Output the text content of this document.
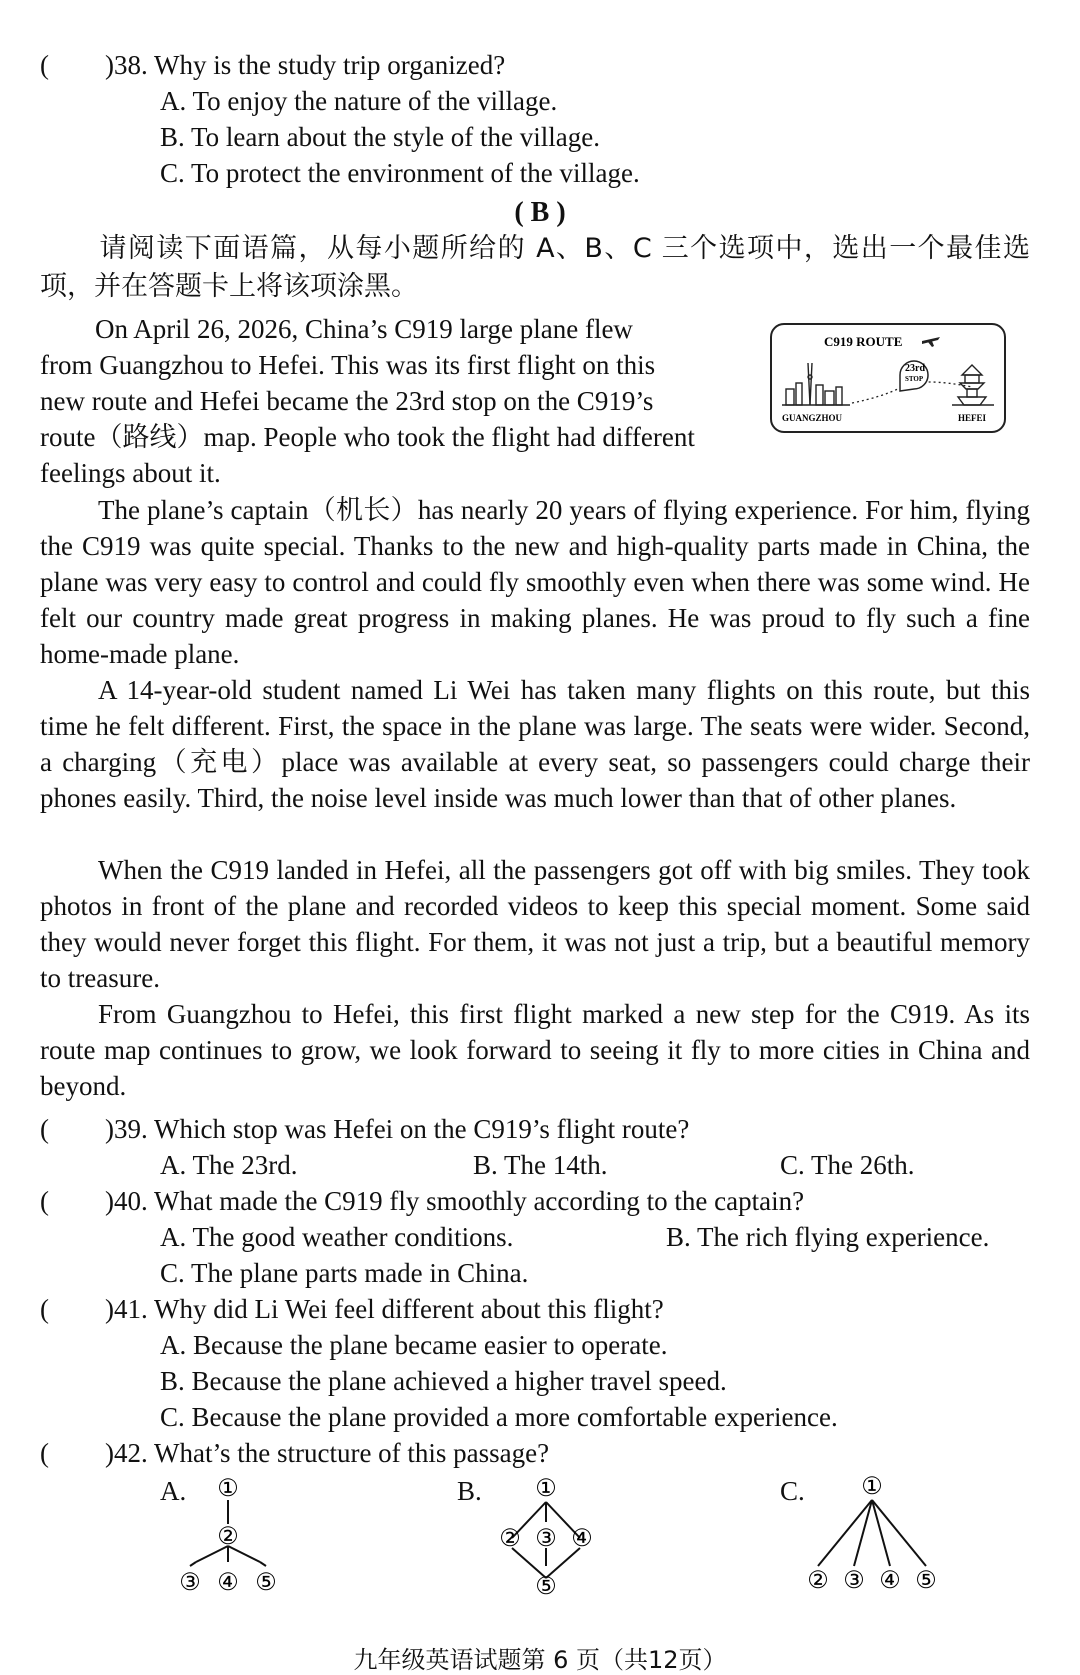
( )38. Why is the study trip organized?
A. To enjoy the nature of the village.
B. To learn about the style of the village.
C. To protect the environment of the village.
( B )
请阅读下面语篇，从每小题所给的 A、B、C 三个选项中，选出一个最佳选项，并在答题卡上将该项涂黑。
On April 26, 2026, China’s C919 large plane flew
from Guangzhou to Hefei. This was its first flight on this
new route and Hefei became the 23rd stop on the C919’s
route（路线）map. People who took the flight had different
feelings about it.
C919 ROUTE
23rd
STOP
GUANGZHOU	HEFEI
The plane’s captain（机长）has nearly 20 years of flying experience. For him, flying the C919 was quite special. Thanks to the new and high-quality parts made in China, the plane was very easy to control and could fly smoothly even when there was some wind. He felt our country made great progress in making planes. He was proud to fly such a fine home-made plane.
A 14-year-old student named Li Wei has taken many flights on this route, but this time he felt different. First, the space in the plane was large. The seats were wider. Second, a charging（充电）place was available at every seat, so passengers could charge their phones easily. Third, the noise level inside was much lower than that of other planes.
When the C919 landed in Hefei, all the passengers got off with big smiles. They took photos in front of the plane and recorded videos to keep this special moment. Some said they would never forget this flight. For them, it was not just a trip, but a beautiful memory to treasure.
From Guangzhou to Hefei, this first flight marked a new step for the C919. As its route map continues to grow, we look forward to seeing it fly to more cities in China and beyond.
( )39. Which stop was Hefei on the C919’s flight route?
A. The 23rd.	B. The 14th.	C. The 26th.
( )40. What made the C919 fly smoothly according to the captain?
A. The good weather conditions.	B. The rich flying experience.
C. The plane parts made in China.
( )41. Why did Li Wei feel different about this flight?
A. Because the plane became easier to operate.
B. Because the plane achieved a higher travel speed.
C. Because the plane provided a more comfortable experience.
( )42. What’s the structure of this passage?
A.	B.	C.
①
②
③ ④ ⑤
①
② ③ ④
⑤
①
② ③ ④ ⑤
九年级英语试题第 6 页（共12页）
